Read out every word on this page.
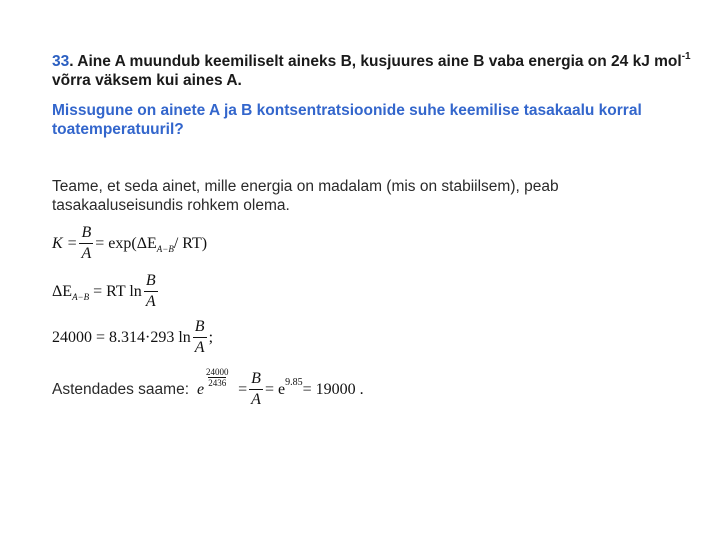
33. Aine A muundub keemiliselt aineks B, kusjuures aine B vaba energia on 24 kJ mol$^{-1}$ võrra väksem kui aines A.
Missugune on ainete A ja B kontsentratsioonide suhe keemilise tasakaalu korral toatemperatuuril?
Teame, et seda ainet, mille energia on madalam (mis on stabiilsem), peab tasakaaluseisundis rohkem olema.
$K = \frac{B}{A} = \exp(\Delta E$ A−B / RT)
ΔE A−B = RT $\ln \frac{B}{A}$
24000 = 8.314·293 $\ln \frac{B}{A}$ ;
Astendades saame: e
$\frac{24000}{2436}$
= $\frac{B}{A} = e$ 9.85 = 19000 .
